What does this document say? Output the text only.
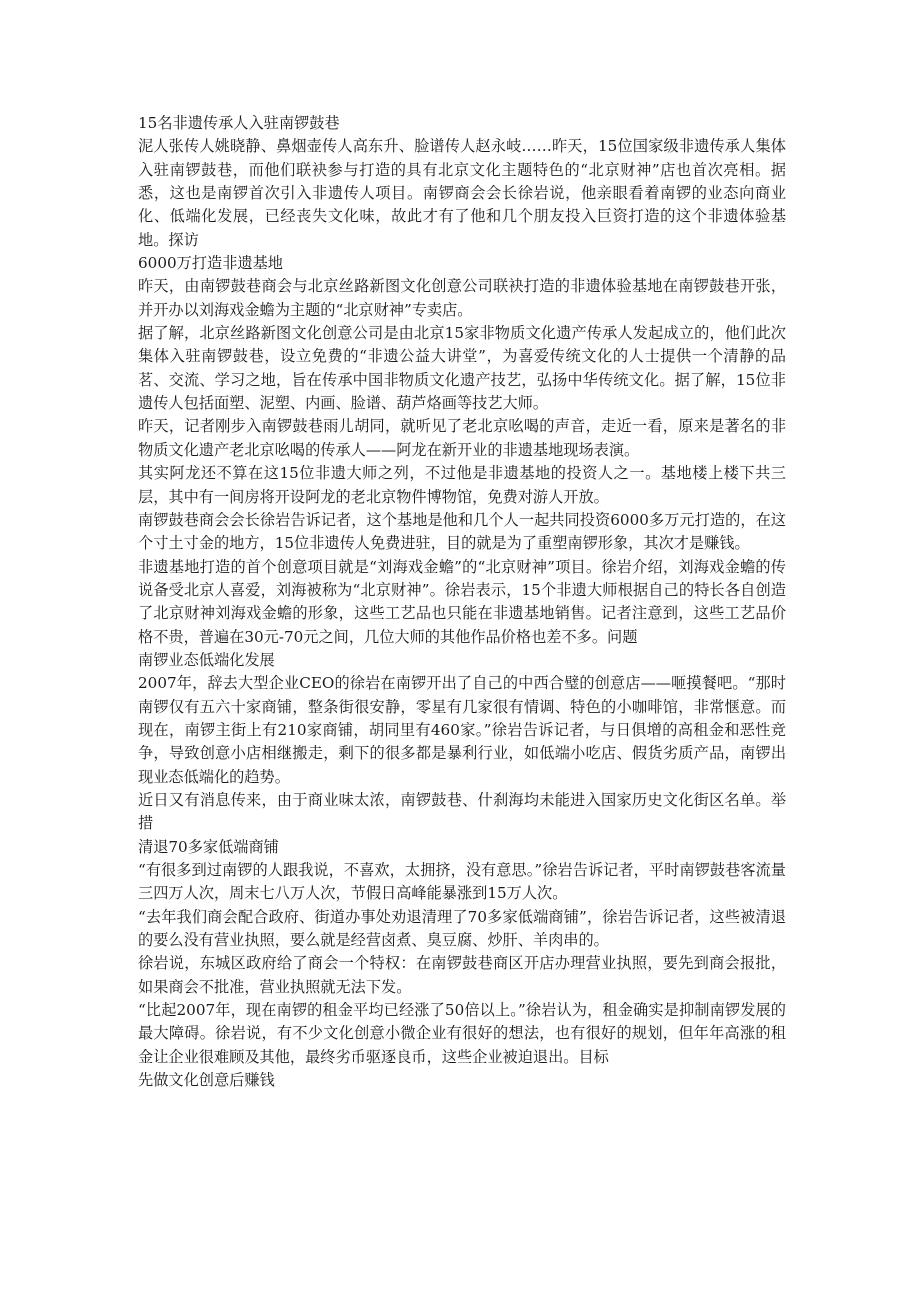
15名非遗传承人入驻南锣鼓巷

泥人张传人姚晓静、鼻烟壶传人高东升、脸谱传人赵永岐……昨天，15位国家级非遗传承人集体入驻南锣鼓巷，而他们联袂参与打造的具有北京文化主题特色的“北京财神”店也首次亮相。据悉，这也是南锣首次引入非遗传人项目。南锣商会会长徐岩说，他亲眼看着南锣的业态向商业化、低端化发展，已经丧失文化味，故此才有了他和几个朋友投入巨资打造的这个非遗体验基地。探访

6000万打造非遗基地

昨天，由南锣鼓巷商会与北京丝路新图文化创意公司联袂打造的非遗体验基地在南锣鼓巷开张，并开办以刘海戏金蟾为主题的“北京财神”专卖店。

据了解，北京丝路新图文化创意公司是由北京15家非物质文化遗产传承人发起成立的，他们此次集体入驻南锣鼓巷，设立免费的“非遗公益大讲堂”，为喜爱传统文化的人士提供一个清静的品茗、交流、学习之地，旨在传承中国非物质文化遗产技艺，弘扬中华传统文化。据了解，15位非遗传人包括面塑、泥塑、内画、脸谱、葫芦烙画等技艺大师。

昨天，记者刚步入南锣鼓巷雨儿胡同，就听见了老北京吆喝的声音，走近一看，原来是著名的非物质文化遗产老北京吆喝的传承人——阿龙在新开业的非遗基地现场表演。

其实阿龙还不算在这15位非遗大师之列，不过他是非遗基地的投资人之一。基地楼上楼下共三层，其中有一间房将开设阿龙的老北京物件博物馆，免费对游人开放。

南锣鼓巷商会会长徐岩告诉记者，这个基地是他和几个人一起共同投资6000多万元打造的，在这个寸土寸金的地方，15位非遗传人免费进驻，目的就是为了重塑南锣形象，其次才是赚钱。

非遗基地打造的首个创意项目就是“刘海戏金蟾”的“北京财神”项目。徐岩介绍，刘海戏金蟾的传说备受北京人喜爱，刘海被称为“北京财神”。徐岩表示，15个非遗大师根据自己的特长各自创造了北京财神刘海戏金蟾的形象，这些工艺品也只能在非遗基地销售。记者注意到，这些工艺品价格不贵，普遍在30元-70元之间，几位大师的其他作品价格也差不多。问题

南锣业态低端化发展

2007年，辞去大型企业CEO的徐岩在南锣开出了自己的中西合璧的创意店——咂摸餐吧。“那时南锣仅有五六十家商铺，整条街很安静，零星有几家很有情调、特色的小咖啡馆，非常惬意。而现在，南锣主街上有210家商铺，胡同里有460家。”徐岩告诉记者，与日俱增的高租金和恶性竞争，导致创意小店相继搬走，剩下的很多都是暴利行业，如低端小吃店、假货劣质产品，南锣出现业态低端化的趋势。

近日又有消息传来，由于商业味太浓，南锣鼓巷、什刹海均未能进入国家历史文化街区名单。举措

清退70多家低端商铺

“有很多到过南锣的人跟我说，不喜欢，太拥挤，没有意思。”徐岩告诉记者，平时南锣鼓巷客流量三四万人次，周末七八万人次，节假日高峰能暴涨到15万人次。

“去年我们商会配合政府、街道办事处劝退清理了70多家低端商铺”，徐岩告诉记者，这些被清退的要么没有营业执照，要么就是经营卤煮、臭豆腐、炒肝、羊肉串的。

徐岩说，东城区政府给了商会一个特权：在南锣鼓巷商区开店办理营业执照，要先到商会报批，如果商会不批准，营业执照就无法下发。

“比起2007年，现在南锣的租金平均已经涨了50倍以上。”徐岩认为，租金确实是抑制南锣发展的最大障碍。徐岩说，有不少文化创意小微企业有很好的想法，也有很好的规划，但年年高涨的租金让企业很难顾及其他，最终劣币驱逐良币，这些企业被迫退出。目标

先做文化创意后赚钱
